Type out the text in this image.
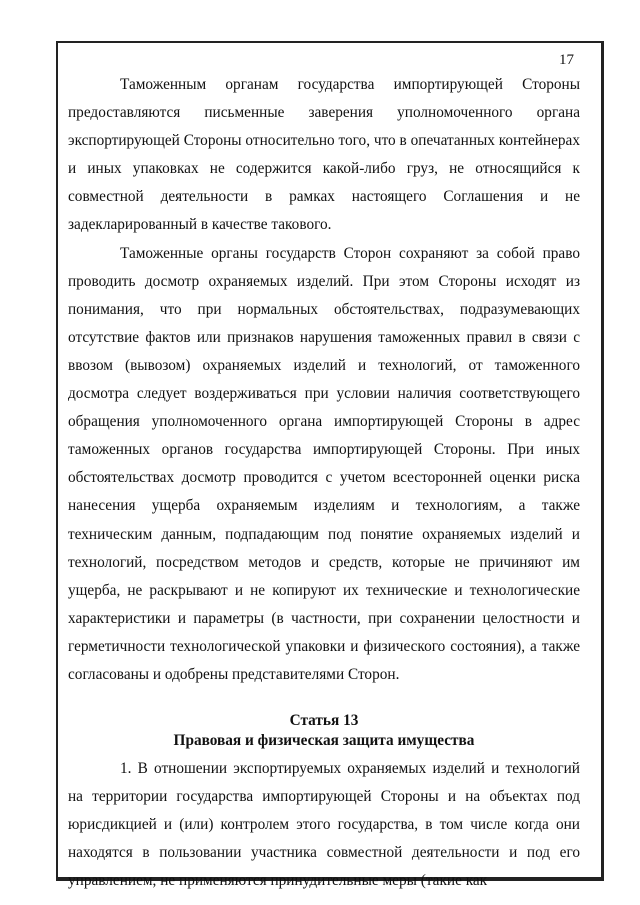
17

Таможенным органам государства импортирующей Стороны предоставляются письменные заверения уполномоченного органа экспортирующей Стороны относительно того, что в опечатанных контейнерах и иных упаковках не содержится какой-либо груз, не относящийся к совместной деятельности в рамках настоящего Соглашения и не задекларированный в качестве такового.

Таможенные органы государств Сторон сохраняют за собой право проводить досмотр охраняемых изделий. При этом Стороны исходят из понимания, что при нормальных обстоятельствах, подразумевающих отсутствие фактов или признаков нарушения таможенных правил в связи с ввозом (вывозом) охраняемых изделий и технологий, от таможенного досмотра следует воздерживаться при условии наличия соответствующего обращения уполномоченного органа импортирующей Стороны в адрес таможенных органов государства импортирующей Стороны. При иных обстоятельствах досмотр проводится с учетом всесторонней оценки риска нанесения ущерба охраняемым изделиям и технологиям, а также техническим данным, подпадающим под понятие охраняемых изделий и технологий, посредством методов и средств, которые не причиняют им ущерба, не раскрывают и не копируют их технические и технологические характеристики и параметры (в частности, при сохранении целостности и герметичности технологической упаковки и физического состояния), а также согласованы и одобрены представителями Сторон.

Статья 13

Правовая и физическая защита имущества

1. В отношении экспортируемых охраняемых изделий и технологий на территории государства импортирующей Стороны и на объектах под юрисдикцией и (или) контролем этого государства, в том числе когда они находятся в пользовании участника совместной деятельности и под его управлением, не применяются принудительные меры (такие как
